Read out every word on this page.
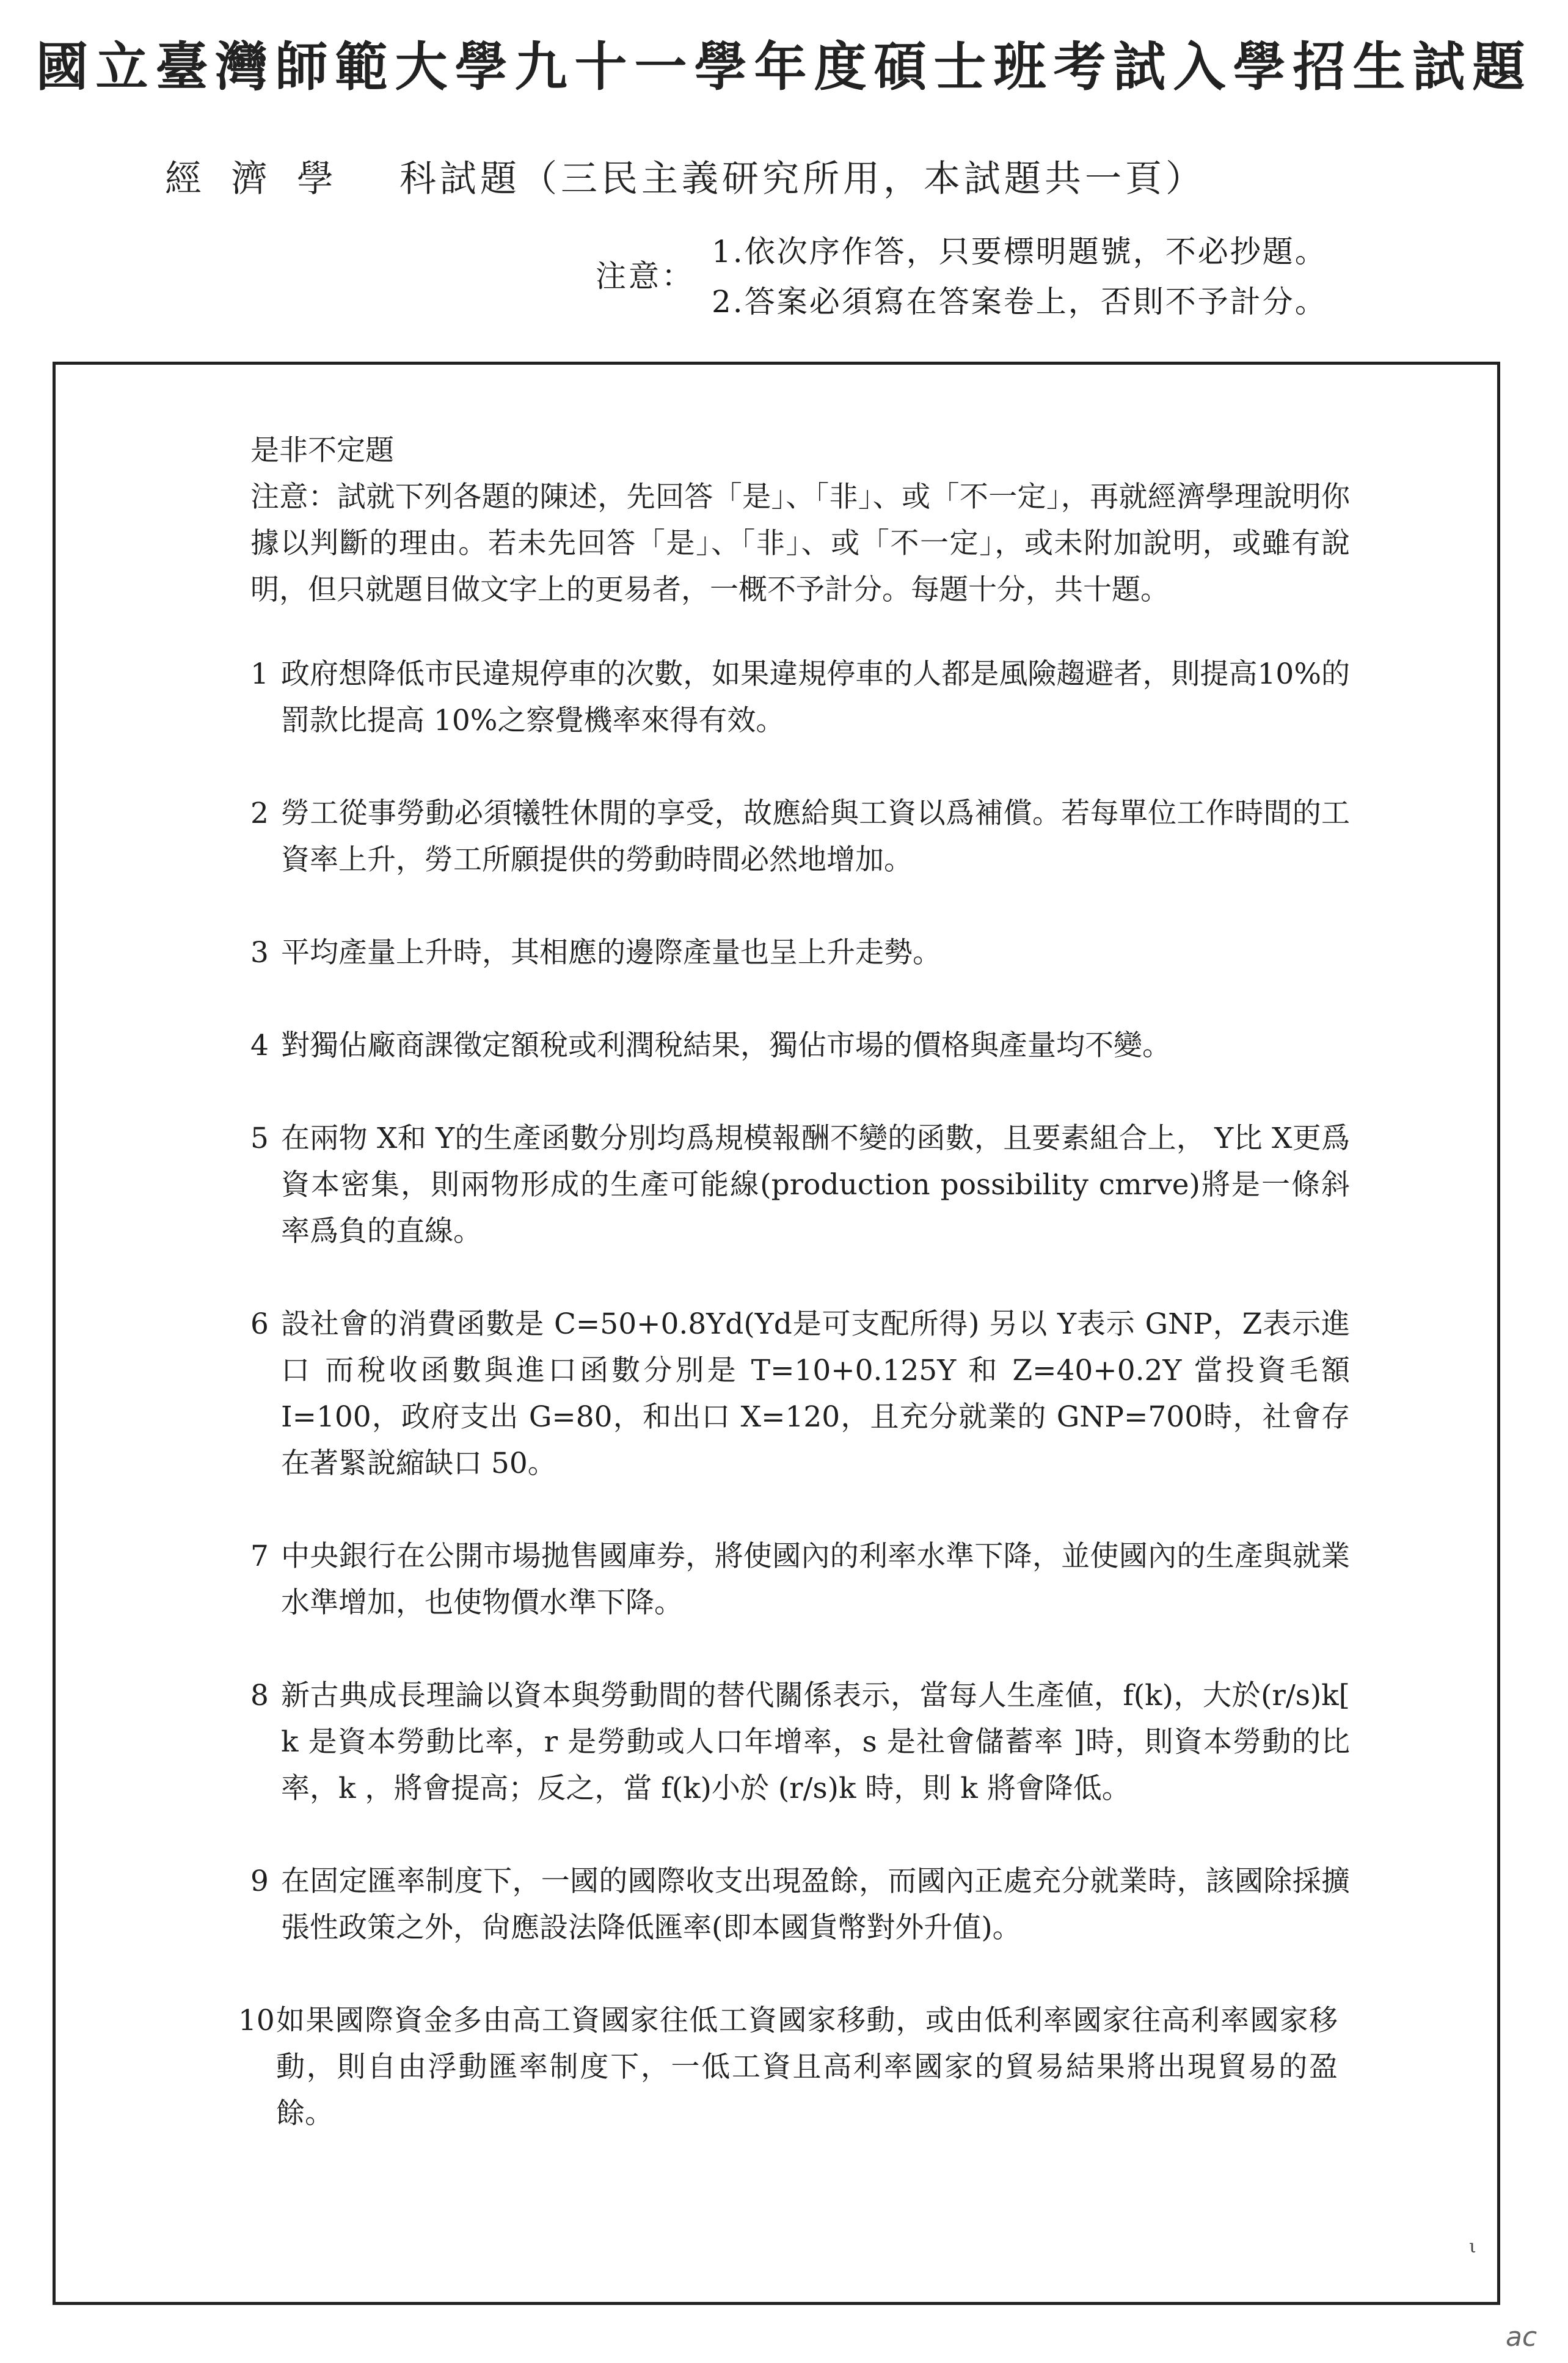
國立臺灣師範大學九十一學年度碩士班考試入學招生試題
經濟學 科試題（三民主義研究所用，本試題共一頁）
注意：
1.依次序作答，只要標明題號，不必抄題。
2.答案必須寫在答案卷上，否則不予計分。

是非不定題

注意：試就下列各題的陳述，先回答「是」、「非」、或「不一定」，再就經濟學理說明你據以判斷的理由。若未先回答「是」、「非」、或「不一定」，或未附加說明，或雖有說明，但只就題目做文字上的更易者，一概不予計分。每題十分，共十題。

1 政府想降低市民違規停車的次數，如果違規停車的人都是風險趨避者，則提高10%的罰款比提高 10%之察覺機率來得有效。
2 勞工從事勞動必須犧牲休閒的享受，故應給與工資以爲補償。若每單位工作時間的工資率上升，勞工所願提供的勞動時間必然地增加。
3 平均產量上升時，其相應的邊際產量也呈上升走勢。
4 對獨佔廠商課徵定額稅或利潤稅結果，獨佔市場的價格與產量均不變。
5 在兩物 X和 Y的生產函數分別均爲規模報酬不變的函數，且要素組合上， Y比 X更爲資本密集，則兩物形成的生產可能線(production possibility cmrve)將是一條斜率爲負的直線。
6 設社會的消費函數是 C=50+0.8Yd(Yd是可支配所得) 另以 Y表示 GNP，Z表示進口 而稅收函數與進口函數分別是 T=10+0.125Y 和 Z=40+0.2Y 當投資毛額 I=100，政府支出 G=80，和出口 X=120，且充分就業的 GNP=700時，社會存在著緊說縮缺口 50。
7 中央銀行在公開市場拋售國庫券，將使國內的利率水準下降，並使國內的生產與就業水準增加，也使物價水準下降。
8 新古典成長理論以資本與勞動間的替代關係表示，當每人生產値，f(k)，大於(r/s)k[ k 是資本勞動比率，r 是勞動或人口年增率，s 是社會儲蓄率 ]時，則資本勞動的比率，k ，將會提高；反之，當 f(k)小於 (r/s)k 時，則 k 將會降低。
9 在固定匯率制度下，一國的國際收支出現盈餘，而國內正處充分就業時，該國除採擴張性政策之外，尙應設法降低匯率(即本國貨幣對外升值)。
10 如果國際資金多由高工資國家往低工資國家移動，或由低利率國家往高利率國家移動，則自由浮動匯率制度下，一低工資且高利率國家的貿易結果將出現貿易的盈餘。
ι
ac
